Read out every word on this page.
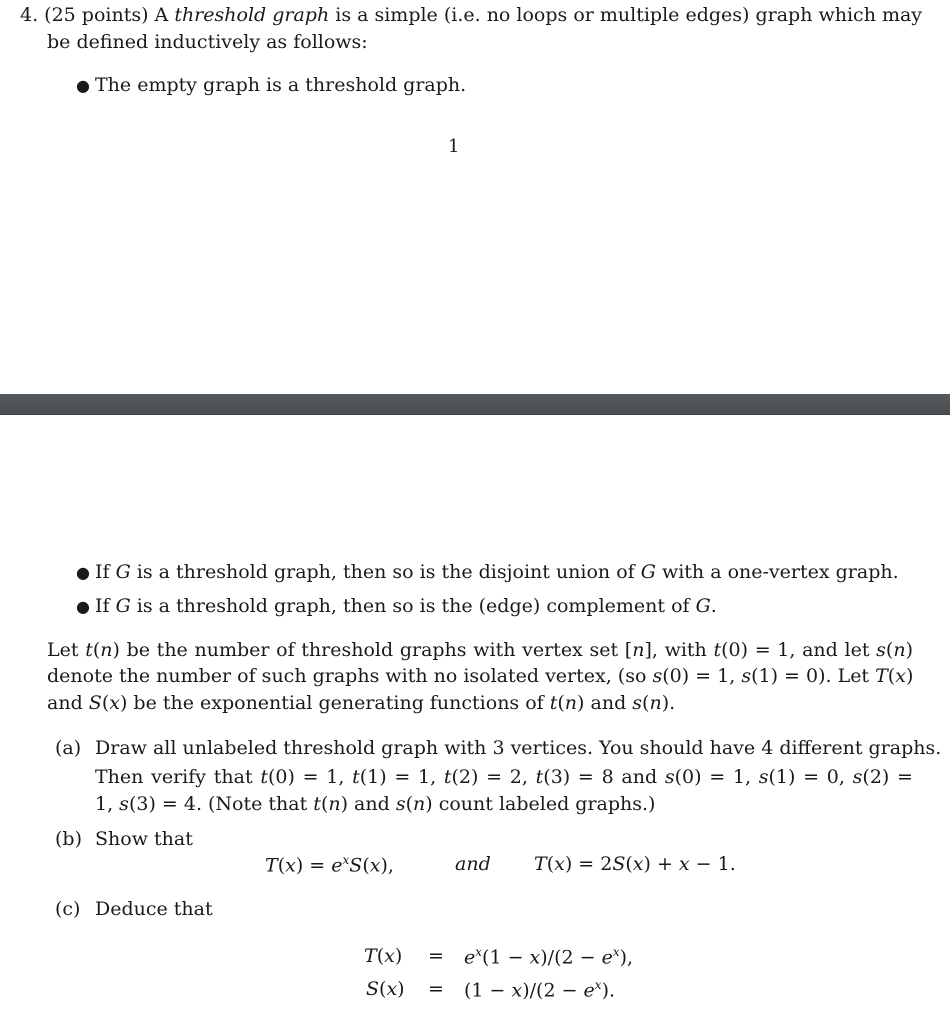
4. (25 points) A threshold graph is a simple (i.e. no loops or multiple edges) graph which may
be defined inductively as follows:
● The empty graph is a threshold graph.
1
● If G is a threshold graph, then so is the disjoint union of G with a one-vertex graph.
● If G is a threshold graph, then so is the (edge) complement of G.
Let t(n) be the number of threshold graphs with vertex set [n], with t(0) = 1, and let s(n)
denote the number of such graphs with no isolated vertex, (so s(0) = 1, s(1) = 0). Let T(x)
and S(x) be the exponential generating functions of t(n) and s(n).
(a) Draw all unlabeled threshold graph with 3 vertices. You should have 4 different graphs.
Then verify that t(0) = 1, t(1) = 1, t(2) = 2, t(3) = 8 and s(0) = 1, s(1) = 0, s(2) =
1, s(3) = 4. (Note that t(n) and s(n) count labeled graphs.)
(b) Show that
$T(x) = e^xS(x)$,	and T(x) = 2S(x) + x − 1.
(c) Deduce that
$T(x) = e^x(1 - x)/(2 - e^x)$,
$S(x) = (1 - x)/(2 - e^x)$.
